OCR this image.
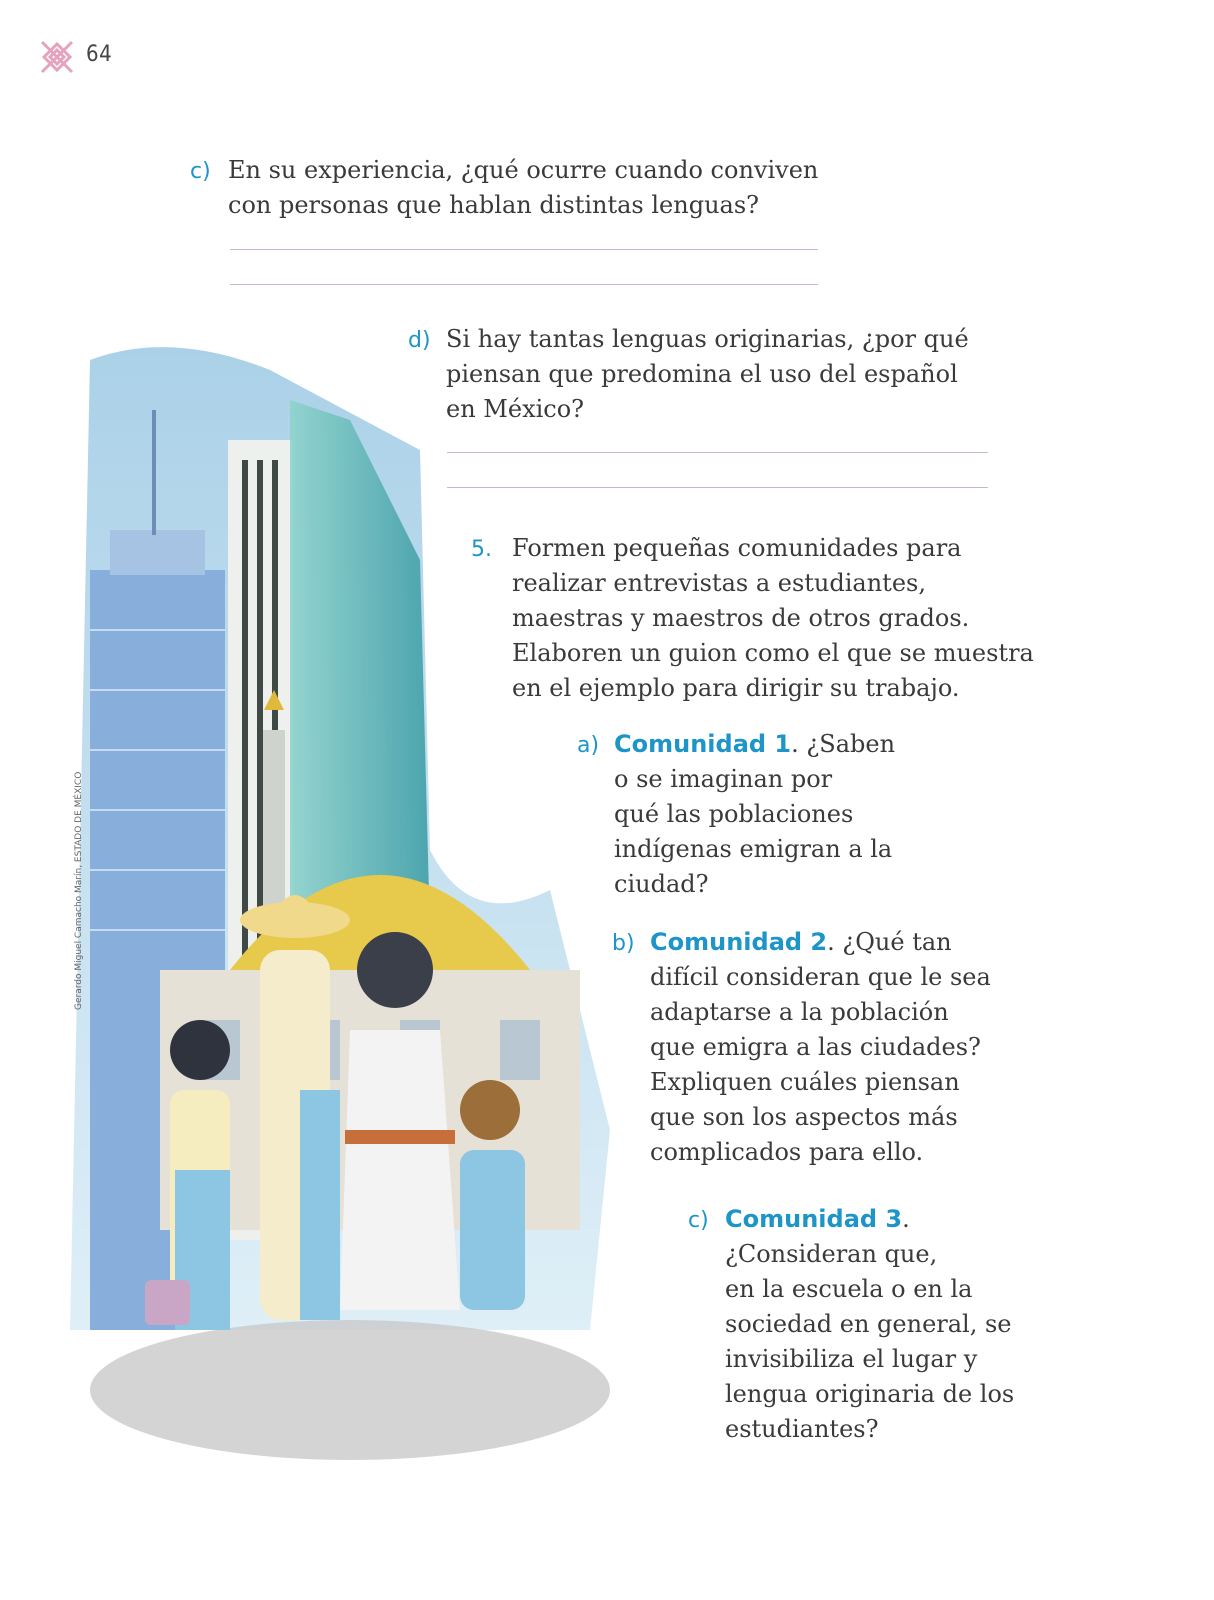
64
c) En su experiencia, ¿qué ocurre cuando conviven
con personas que hablan distintas lenguas?
Gerardo Miguel Camacho Marín, ESTADO DE MÉXICO
d) Si hay tantas lenguas originarias, ¿por qué
piensan que predomina el uso del español
en México?
5. Formen pequeñas comunidades para
realizar entrevistas a estudiantes,
maestras y maestros de otros grados.
Elaboren un guion como el que se muestra
en el ejemplo para dirigir su trabajo.
a) Comunidad 1. ¿Saben
o se imaginan por
qué las poblaciones
indígenas emigran a la
ciudad?
b) Comunidad 2. ¿Qué tan
difícil consideran que le sea
adaptarse a la población
que emigra a las ciudades?
Expliquen cuáles piensan
que son los aspectos más
complicados para ello.
c) Comunidad 3.
¿Consideran que,
en la escuela o en la
sociedad en general, se
invisibiliza el lugar y
lengua originaria de los
estudiantes?
